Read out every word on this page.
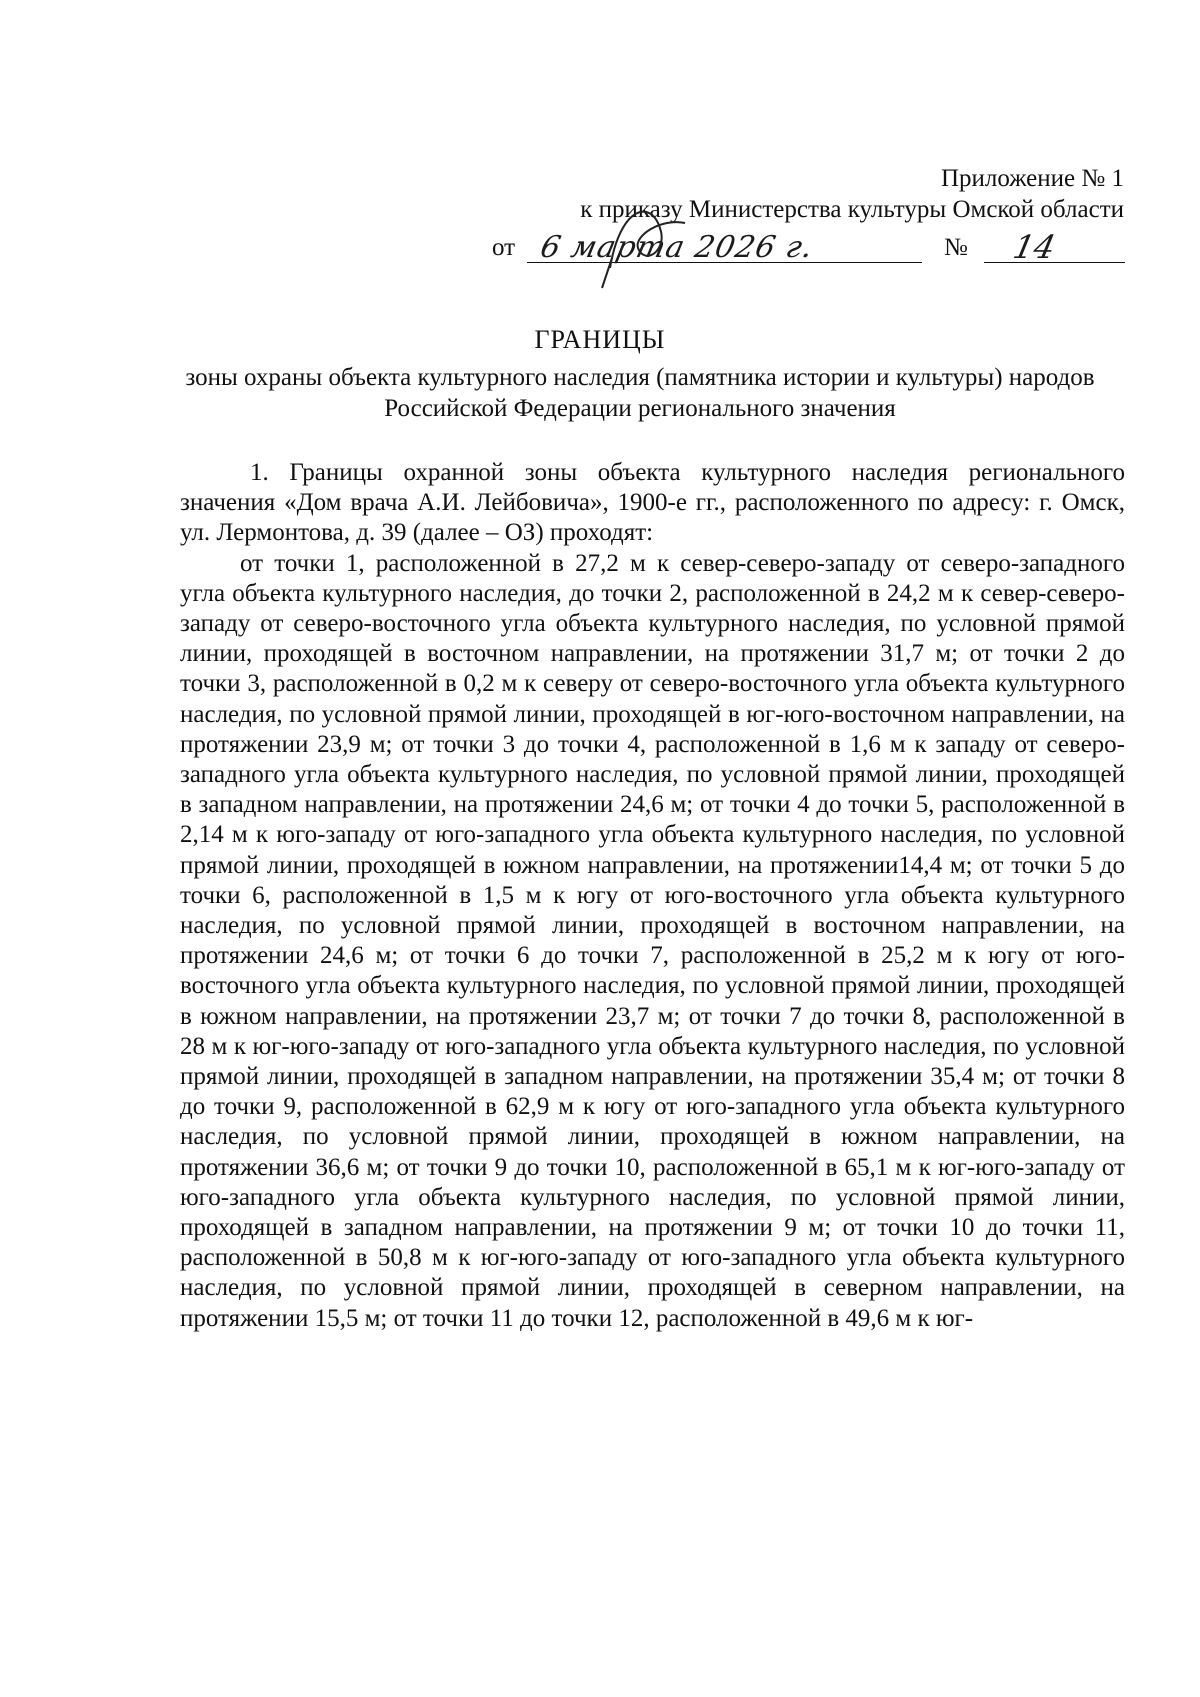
Приложение № 1
к приказу Министерства культуры Омской области
от 6 марта 2026 г.	№ 14
ГРАНИЦЫ
зоны охраны объекта культурного наследия (памятника истории и культуры) народов Российской Федерации регионального значения

1. Границы охранной зоны объекта культурного наследия регионального значения «Дом врача А.И. Лейбовича», 1900-е гг., расположенного по адресу: г. Омск, ул. Лермонтова, д. 39 (далее – ОЗ) проходят:

от точки 1, расположенной в 27,2 м к север-северо-западу от северо-западного угла объекта культурного наследия, до точки 2, расположенной в 24,2 м к север-северо-западу от северо-восточного угла объекта культурного наследия, по условной прямой линии, проходящей в восточном направлении, на протяжении 31,7 м; от точки 2 до точки 3, расположенной в 0,2 м к северу от северо-восточного угла объекта культурного наследия, по условной прямой линии, проходящей в юг-юго-восточном направлении, на протяжении 23,9 м; от точки 3 до точки 4, расположенной в 1,6 м к западу от северо-западного угла объекта культурного наследия, по условной прямой линии, проходящей в западном направлении, на протяжении 24,6 м; от точки 4 до точки 5, расположенной в 2,14 м к юго-западу от юго-западного угла объекта культурного наследия, по условной прямой линии, проходящей в южном направлении, на протяжении14,4 м; от точки 5 до точки 6, расположенной в 1,5 м к югу от юго-восточного угла объекта культурного наследия, по условной прямой линии, проходящей в восточном направлении, на протяжении 24,6 м; от точки 6 до точки 7, расположенной в 25,2 м к югу от юго-восточного угла объекта культурного наследия, по условной прямой линии, проходящей в южном направлении, на протяжении 23,7 м; от точки 7 до точки 8, расположенной в 28 м к юг-юго-западу от юго-западного угла объекта культурного наследия, по условной прямой линии, проходящей в западном направлении, на протяжении 35,4 м; от точки 8 до точки 9, расположенной в 62,9 м к югу от юго-западного угла объекта культурного наследия, по условной прямой линии, проходящей в южном направлении, на протяжении 36,6 м; от точки 9 до точки 10, расположенной в 65,1 м к юг-юго-западу от юго-западного угла объекта культурного наследия, по условной прямой линии, проходящей в западном направлении, на протяжении 9 м; от точки 10 до точки 11, расположенной в 50,8 м к юг-юго-западу от юго-западного угла объекта культурного наследия, по условной прямой линии, проходящей в северном направлении, на протяжении 15,5 м; от точки 11 до точки 12, расположенной в 49,6 м к юг-
